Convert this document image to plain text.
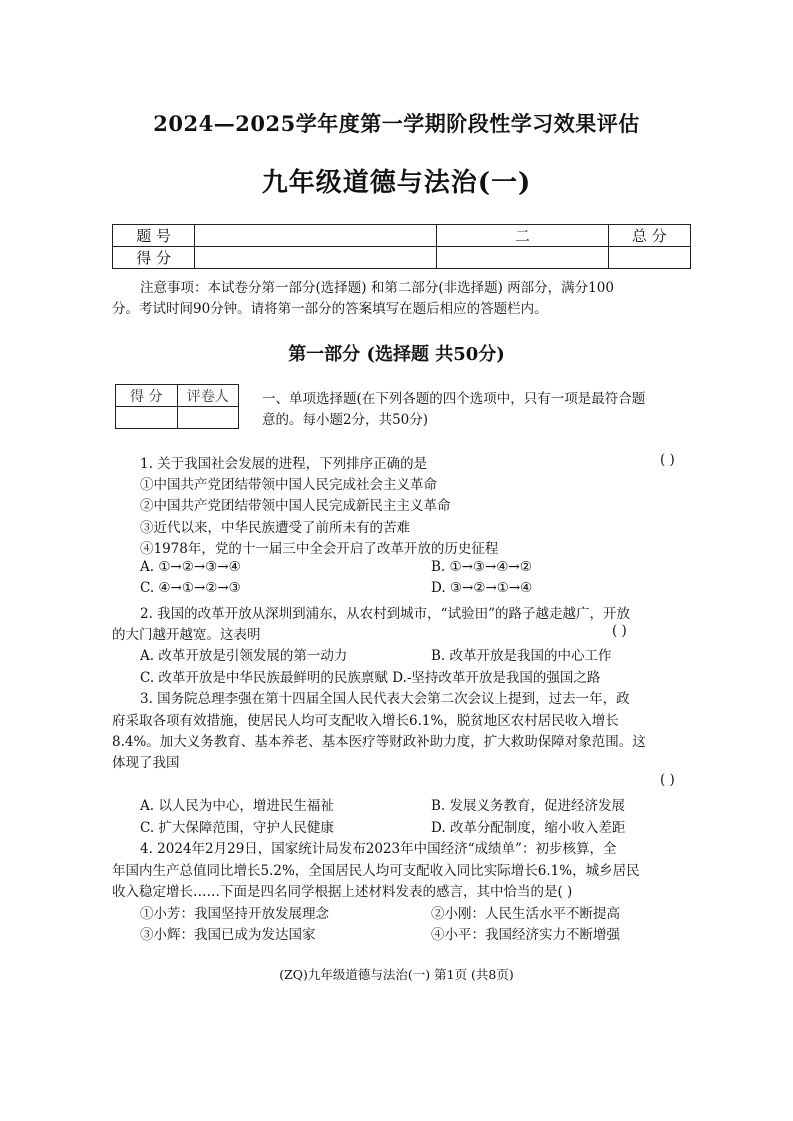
2024—2025学年度第一学期阶段性学习效果评估
九年级道德与法治(一)
题 号		二	总 分
得 分			
注意事项：本试卷分第一部分(选择题) 和第二部分(非选择题) 两部分，满分100
分。考试时间90分钟。请将第一部分的答案填写在题后相应的答题栏内。
第一部分 (选择题 共50分)
得 分	评卷人
	一、单项选择题(在下列各题的四个选项中，只有一项是最符合题
意的。每小题2分，共50分)
1. 关于我国社会发展的进程，下列排序正确的是	( )
①中国共产党团结带领中国人民完成社会主义革命
②中国共产党团结带领中国人民完成新民主主义革命
③近代以来，中华民族遭受了前所未有的苦难
④1978年，党的十一届三中全会开启了改革开放的历史征程
A. ①→②→③→④	B. ①→③→④→②
C. ④→①→②→③	D. ③→②→①→④
2. 我国的改革开放从深圳到浦东，从农村到城市，“试验田”的路子越走越广，开放
的大门越开越宽。这表明	( )
A. 改革开放是引领发展的第一动力	B. 改革开放是我国的中心工作
C. 改革开放是中华民族最鲜明的民族禀赋 D.-坚持改革开放是我国的强国之路
3. 国务院总理李强在第十四届全国人民代表大会第二次会议上提到，过去一年，政
府采取各项有效措施，使居民人均可支配收入增长6.1%，脱贫地区农村居民收入增长
8.4%。加大义务教育、基本养老、基本医疗等财政补助力度，扩大救助保障对象范围。这
体现了我国
( )
A. 以人民为中心，增进民生福祉	B. 发展义务教育，促进经济发展
C. 扩大保障范围，守护人民健康	D. 改革分配制度，缩小收入差距
4. 2024年2月29日，国家统计局发布2023年中国经济“成绩单”：初步核算，全
年国内生产总值同比增长5.2%，全国居民人均可支配收入同比实际增长6.1%，城乡居民
收入稳定增长……下面是四名同学根据上述材料发表的感言，其中恰当的是( )
①小芳：我国坚持开放发展理念	②小刚：人民生活水平不断提高
③小辉：我国已成为发达国家	④小平：我国经济实力不断增强
(ZQ)九年级道德与法治(一) 第1页 (共8页)
